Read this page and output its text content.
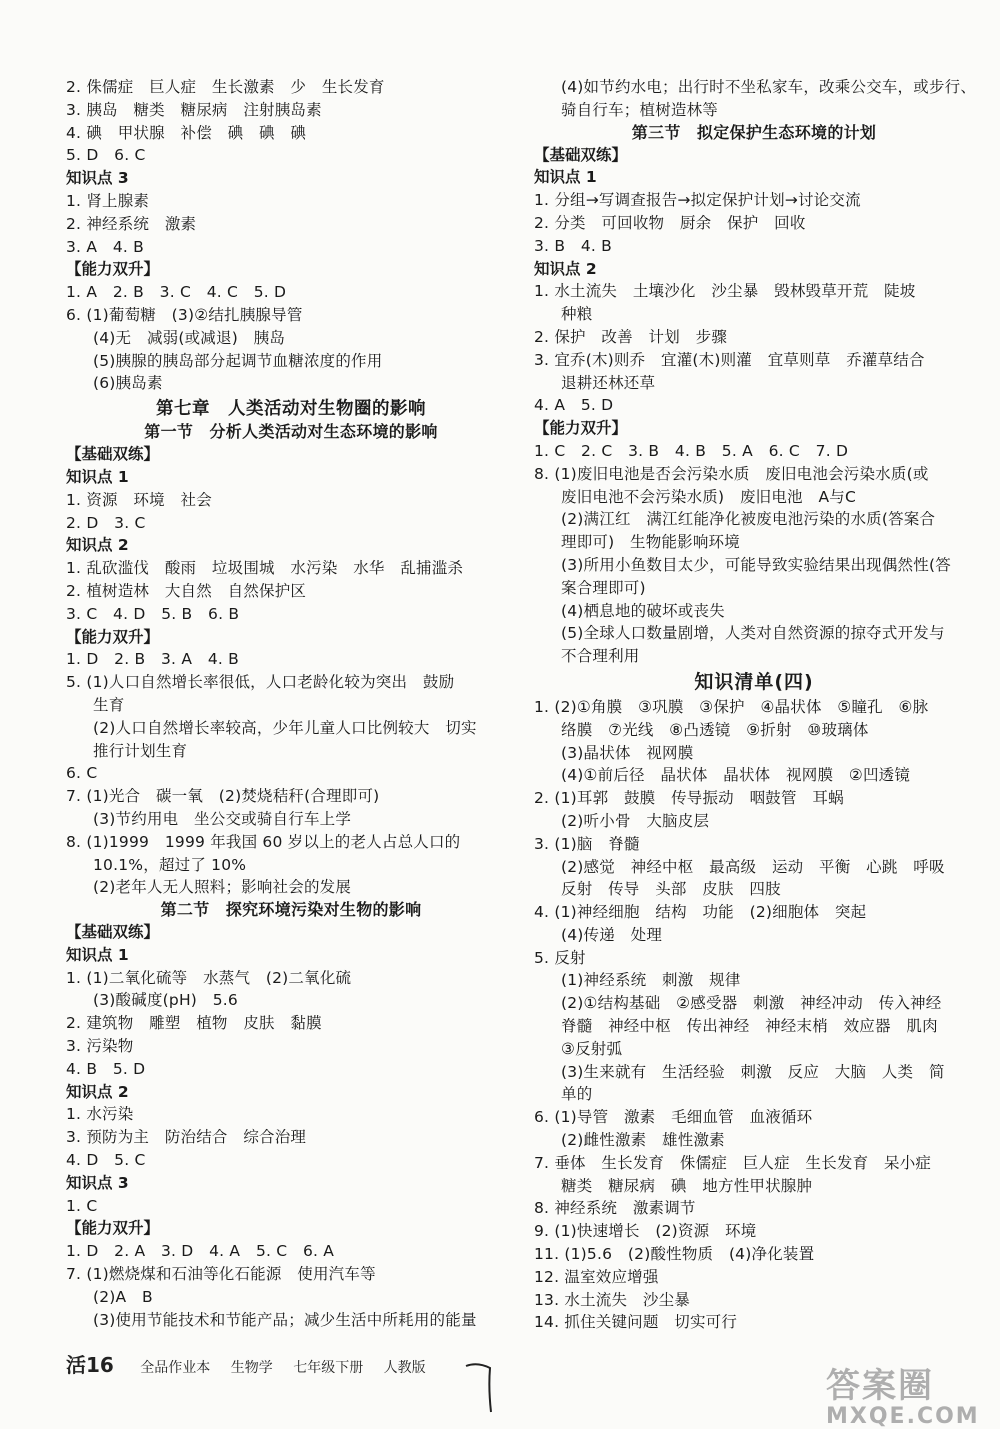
2. 侏儒症　巨人症　生长激素　少　生长发育
3. 胰岛　糖类　糖尿病　注射胰岛素
4. 碘　甲状腺　补偿　碘　碘　碘
5. D　6. C
知识点 3
1. 肾上腺素
2. 神经系统　激素
3. A　4. B
【能力双升】
1. A　2. B　3. C　4. C　5. D
6. (1)葡萄糖　(3)②结扎胰腺导管
(4)无　减弱(或减退)　胰岛
(5)胰腺的胰岛部分起调节血糖浓度的作用
(6)胰岛素
第七章　人类活动对生物圈的影响
第一节　分析人类活动对生态环境的影响
【基础双练】
知识点 1
1. 资源　环境　社会
2. D　3. C
知识点 2
1. 乱砍滥伐　酸雨　垃圾围城　水污染　水华　乱捕滥杀
2. 植树造林　大自然　自然保护区
3. C　4. D　5. B　6. B
【能力双升】
1. D　2. B　3. A　4. B
5. (1)人口自然增长率很低，人口老龄化较为突出　鼓励
生育
(2)人口自然增长率较高，少年儿童人口比例较大　切实
推行计划生育
6. C
7. (1)光合　碳一氧　(2)焚烧秸秆(合理即可)
(3)节约用电　坐公交或骑自行车上学
8. (1)1999　1999 年我国 60 岁以上的老人占总人口的
10.1%，超过了 10%
(2)老年人无人照料；影响社会的发展
第二节　探究环境污染对生物的影响
【基础双练】
知识点 1
1. (1)二氧化硫等　水蒸气　(2)二氧化硫
(3)酸碱度(pH)　5.6
2. 建筑物　雕塑　植物　皮肤　黏膜
3. 污染物
4. B　5. D
知识点 2
1. 水污染
3. 预防为主　防治结合　综合治理
4. D　5. C
知识点 3
1. C
【能力双升】
1. D　2. A　3. D　4. A　5. C　6. A
7. (1)燃烧煤和石油等化石能源　使用汽车等
(2)A　B
(3)使用节能技术和节能产品；减少生活中所耗用的能量
(4)如节约水电；出行时不坐私家车，改乘公交车，或步行、
骑自行车；植树造林等
第三节　拟定保护生态环境的计划
【基础双练】
知识点 1
1. 分组→写调查报告→拟定保护计划→讨论交流
2. 分类　可回收物　厨余　保护　回收
3. B　4. B
知识点 2
1. 水土流失　土壤沙化　沙尘暴　毁林毁草开荒　陡坡
种粮
2. 保护　改善　计划　步骤
3. 宜乔(木)则乔　宜灌(木)则灌　宜草则草　乔灌草结合
退耕还林还草
4. A　5. D
【能力双升】
1. C　2. C　3. B　4. B　5. A　6. C　7. D
8. (1)废旧电池是否会污染水质　废旧电池会污染水质(或
废旧电池不会污染水质)　废旧电池　A与C
(2)满江红　满江红能净化被废电池污染的水质(答案合
理即可)　生物能影响环境
(3)所用小鱼数目太少，可能导致实验结果出现偶然性(答
案合理即可)
(4)栖息地的破坏或丧失
(5)全球人口数量剧增，人类对自然资源的掠夺式开发与
不合理利用
知识清单(四)
1. (2)①角膜　③巩膜　③保护　④晶状体　⑤瞳孔　⑥脉
络膜　⑦光线　⑧凸透镜　⑨折射　⑩玻璃体
(3)晶状体　视网膜
(4)①前后径　晶状体　晶状体　视网膜　②凹透镜
2. (1)耳郭　鼓膜　传导振动　咽鼓管　耳蜗
(2)听小骨　大脑皮层
3. (1)脑　脊髓
(2)感觉　神经中枢　最高级　运动　平衡　心跳　呼吸
反射　传导　头部　皮肤　四肢
4. (1)神经细胞　结构　功能　(2)细胞体　突起
(4)传递　处理
5. 反射
(1)神经系统　刺激　规律
(2)①结构基础　②感受器　刺激　神经冲动　传入神经
脊髓　神经中枢　传出神经　神经末梢　效应器　肌肉
③反射弧
(3)生来就有　生活经验　刺激　反应　大脑　人类　简
单的
6. (1)导管　激素　毛细血管　血液循环
(2)雌性激素　雄性激素
7. 垂体　生长发育　侏儒症　巨人症　生长发育　呆小症
糖类　糖尿病　碘　地方性甲状腺肿
8. 神经系统　激素调节
9. (1)快速增长　(2)资源　环境
11. (1)5.6　(2)酸性物质　(4)净化装置
12. 温室效应增强
13. 水土流失　沙尘暴
14. 抓住关键问题　切实可行
活16 全品作业本 生物学 七年级下册 人教版	答案圈
MXQE.COM
